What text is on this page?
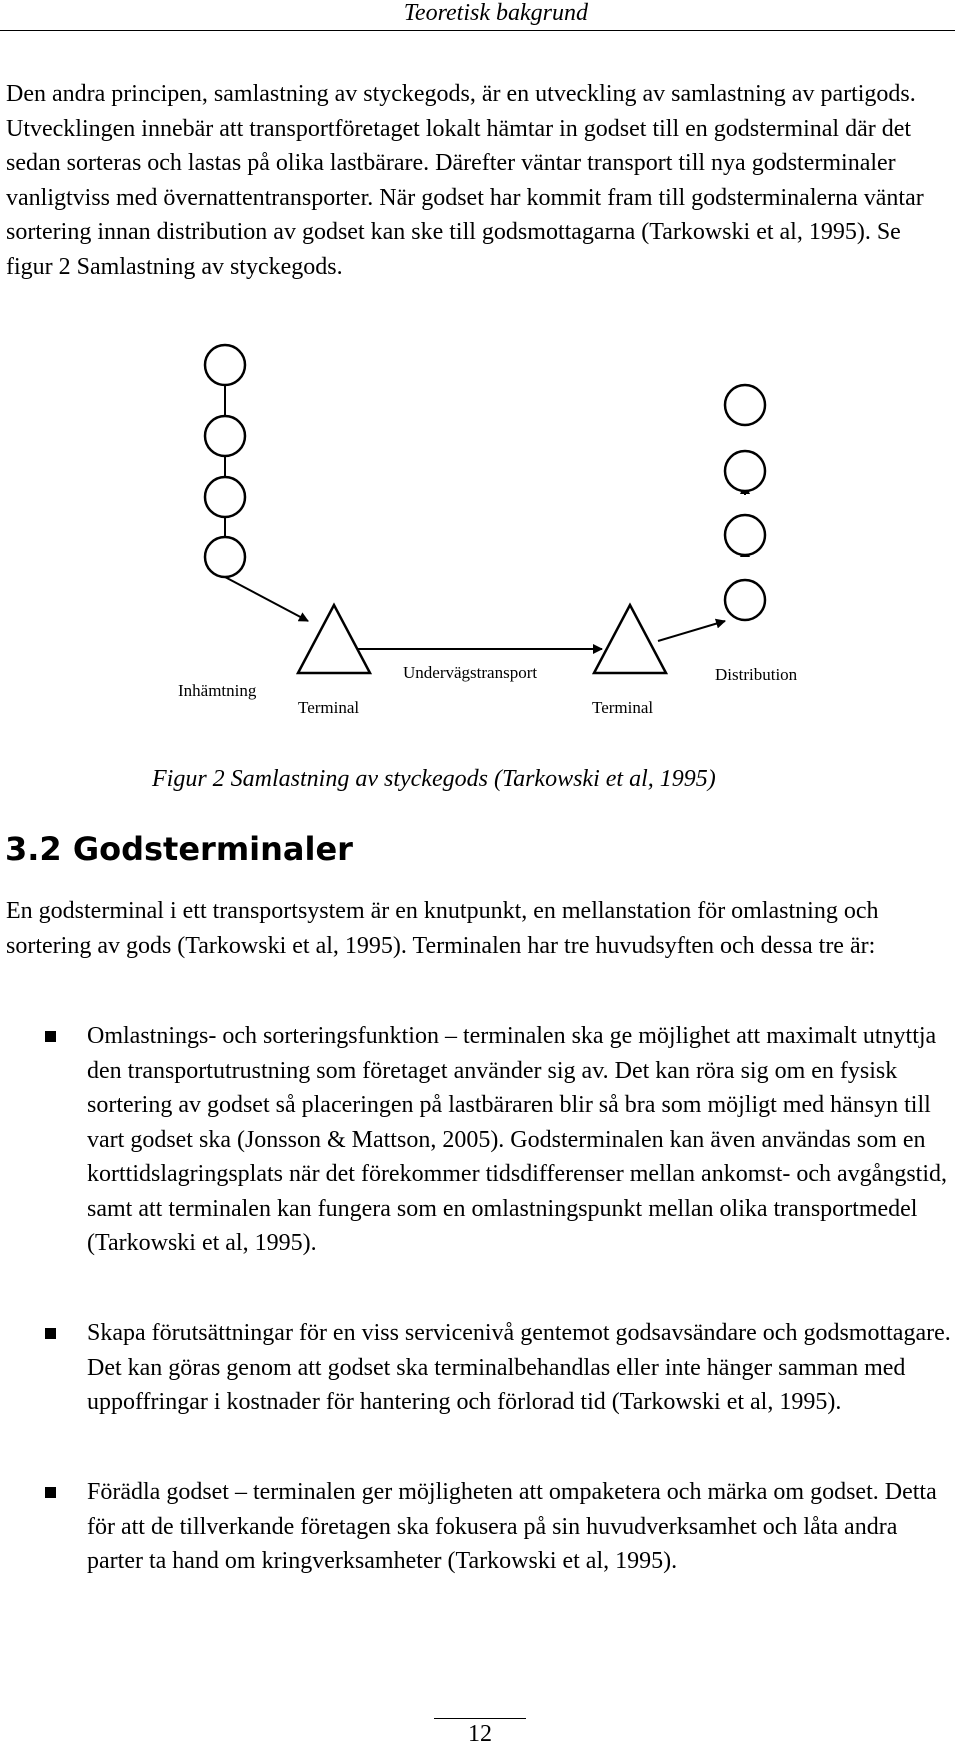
Teoretisk bakgrund

Den andra principen, samlastning av styckegods, är en utveckling av samlastning av partigods. Utvecklingen innebär att transportföretaget lokalt hämtar in godset till en godsterminal där det sedan sorteras och lastas på olika lastbärare. Därefter väntar transport till nya godsterminaler vanligtviss med övernattentransporter. När godset har kommit fram till godsterminalerna väntar sortering innan distribution av godset kan ske till godsmottagarna (Tarkowski et al, 1995). Se figur 2 Samlastning av styckegods.

Inhämtning
Terminal
Undervägstransport
Terminal
Distribution
Figur 2 Samlastning av styckegods (Tarkowski et al, 1995)
3.2 Godsterminaler

En godsterminal i ett transportsystem är en knutpunkt, en mellanstation för omlastning och sortering av gods (Tarkowski et al, 1995). Terminalen har tre huvudsyften och dessa tre är:

Omlastnings- och sorteringsfunktion – terminalen ska ge möjlighet att maximalt utnyttja den transportutrustning som företaget använder sig av. Det kan röra sig om en fysisk sortering av godset så placeringen på lastbäraren blir så bra som möjligt med hänsyn till vart godset ska (Jonsson & Mattson, 2005). Godsterminalen kan även användas som en korttidslagringsplats när det förekommer tidsdifferenser mellan ankomst- och avgångstid, samt att terminalen kan fungera som en omlastningspunkt mellan olika transportmedel (Tarkowski et al, 1995).
Skapa förutsättningar för en viss servicenivå gentemot godsavsändare och godsmottagare. Det kan göras genom att godset ska terminalbehandlas eller inte hänger samman med uppoffringar i kostnader för hantering och förlorad tid (Tarkowski et al, 1995).
Förädla godset – terminalen ger möjligheten att ompaketera och märka om godset. Detta för att de tillverkande företagen ska fokusera på sin huvudverksamhet och låta andra parter ta hand om kringverksamheter (Tarkowski et al, 1995).
12
